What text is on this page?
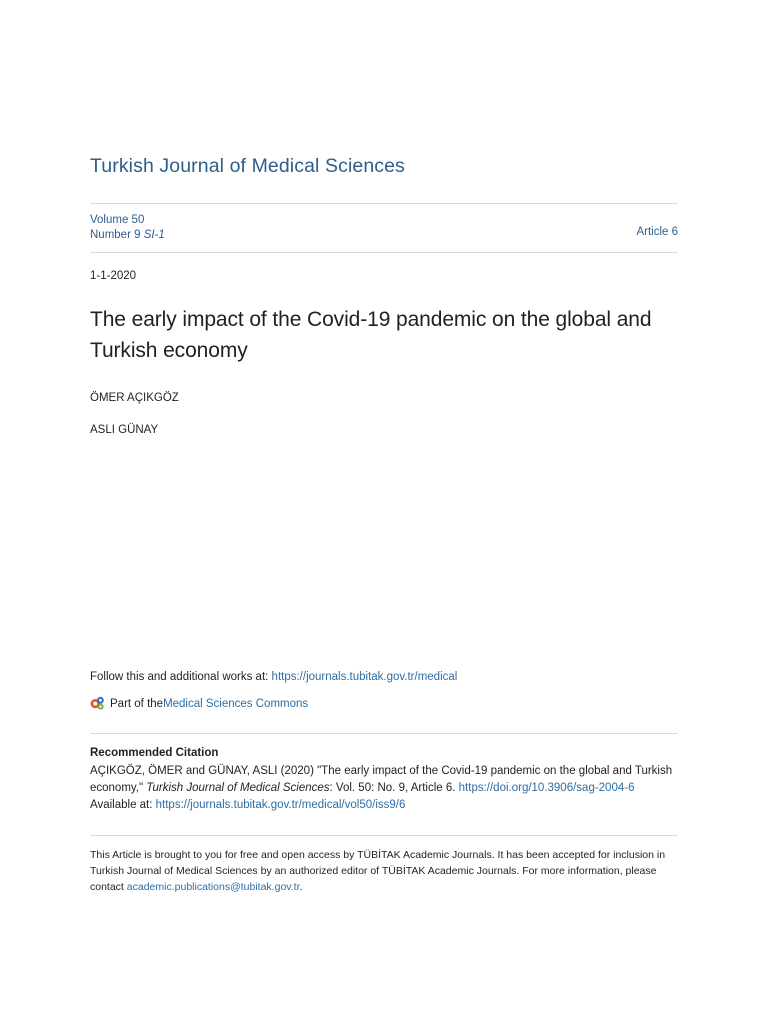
Turkish Journal of Medical Sciences
Volume 50
Number 9 SI-1	Article 6
1-1-2020
The early impact of the Covid-19 pandemic on the global and Turkish economy
ÖMER AÇIKGÖZ
ASLI GÜNAY
Follow this and additional works at: https://journals.tubitak.gov.tr/medical
Part of the Medical Sciences Commons
Recommended Citation
AÇIKGÖZ, ÖMER and GÜNAY, ASLI (2020) "The early impact of the Covid-19 pandemic on the global and Turkish economy," Turkish Journal of Medical Sciences: Vol. 50: No. 9, Article 6. https://doi.org/10.3906/sag-2004-6
Available at: https://journals.tubitak.gov.tr/medical/vol50/iss9/6
This Article is brought to you for free and open access by TÜBİTAK Academic Journals. It has been accepted for inclusion in Turkish Journal of Medical Sciences by an authorized editor of TÜBİTAK Academic Journals. For more information, please contact academic.publications@tubitak.gov.tr.
